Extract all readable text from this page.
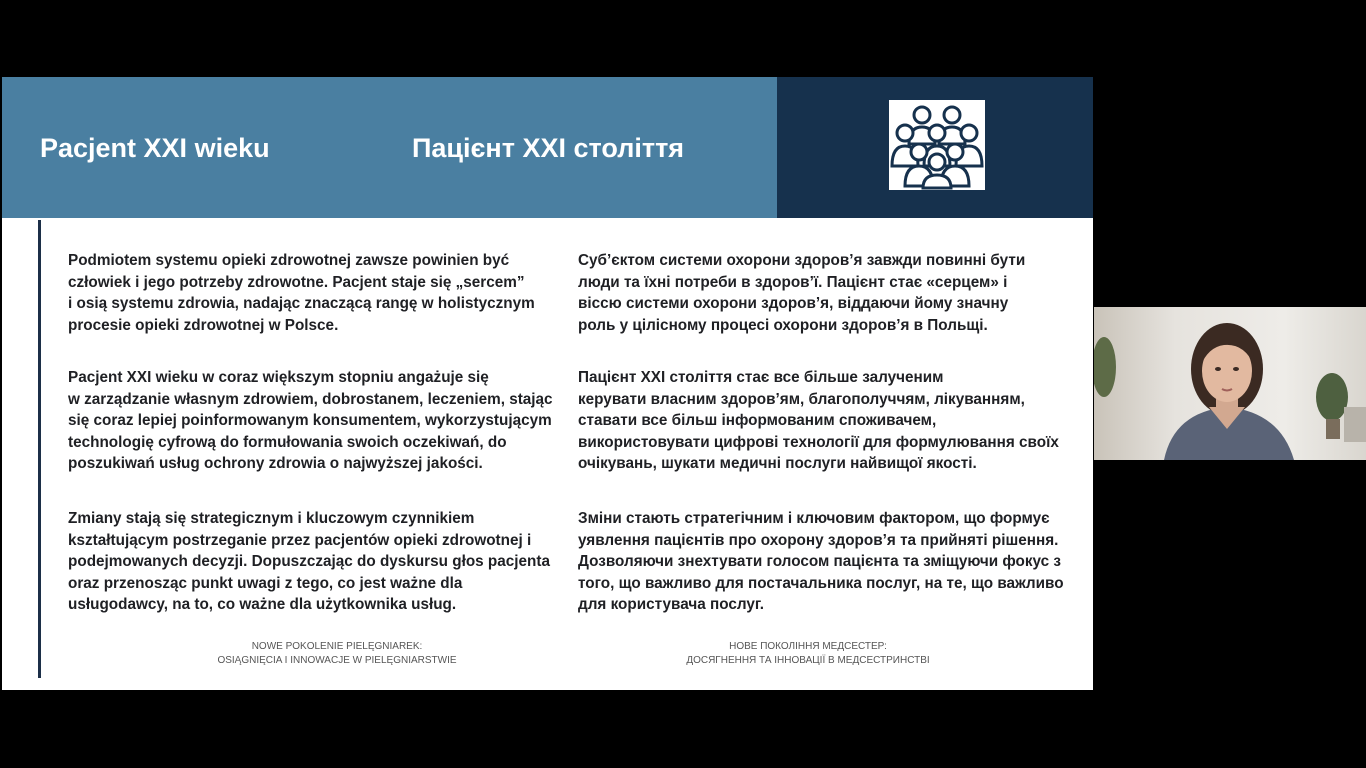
Pacjent XXI wieku	Пацієнт XXI століття

Podmiotem systemu opieki zdrowotnej zawsze powinien być
człowiek i jego potrzeby zdrowotne. Pacjent staje się „sercem”
i osią systemu zdrowia, nadając znaczącą rangę w holistycznym
procesie opieki zdrowotnej w Polsce.

Pacjent XXI wieku w coraz większym stopniu angażuje się
w zarządzanie własnym zdrowiem, dobrostanem, leczeniem, stając
się coraz lepiej poinformowanym konsumentem, wykorzystującym
technologię cyfrową do formułowania swoich oczekiwań, do
poszukiwań usług ochrony zdrowia o najwyższej jakości.

Zmiany stają się strategicznym i kluczowym czynnikiem
kształtującym postrzeganie przez pacjentów opieki zdrowotnej i
podejmowanych decyzji. Dopuszczając do dyskursu głos pacjenta
oraz przenosząc punkt uwagi z tego, co jest ważne dla
usługodawcy, na to, co ważne dla użytkownika usług.

Суб’єктом системи охорони здоров’я завжди повинні бути
люди та їхні потреби в здоров’ї. Пацієнт стає «серцем» і
віссю системи охорони здоров’я, віддаючи йому значну
роль у цілісному процесі охорони здоров’я в Польщі.

Пацієнт XXI століття стає все більше залученим
керувати власним здоров’ям, благополуччям, лікуванням,
ставати все більш інформованим споживачем,
використовувати цифрові технології для формулювання своїх
очікувань, шукати медичні послуги найвищої якості.

Зміни стають стратегічним і ключовим фактором, що формує
уявлення пацієнтів про охорону здоров’я та прийняті рішення.
Дозволяючи знехтувати голосом пацієнта та зміщуючи фокус з
того, що важливо для постачальника послуг, на те, що важливо
для користувача послуг.

NOWE POKOLENIE PIELĘGNIAREK:
OSIĄGNIĘCIA I INNOWACJE W PIELĘGNIARSTWIE
НОВЕ ПОКОЛІННЯ МЕДСЕСТЕР:
ДОСЯГНЕННЯ ТА ІННОВАЦІЇ В МЕДСЕСТРИНСТВІ
